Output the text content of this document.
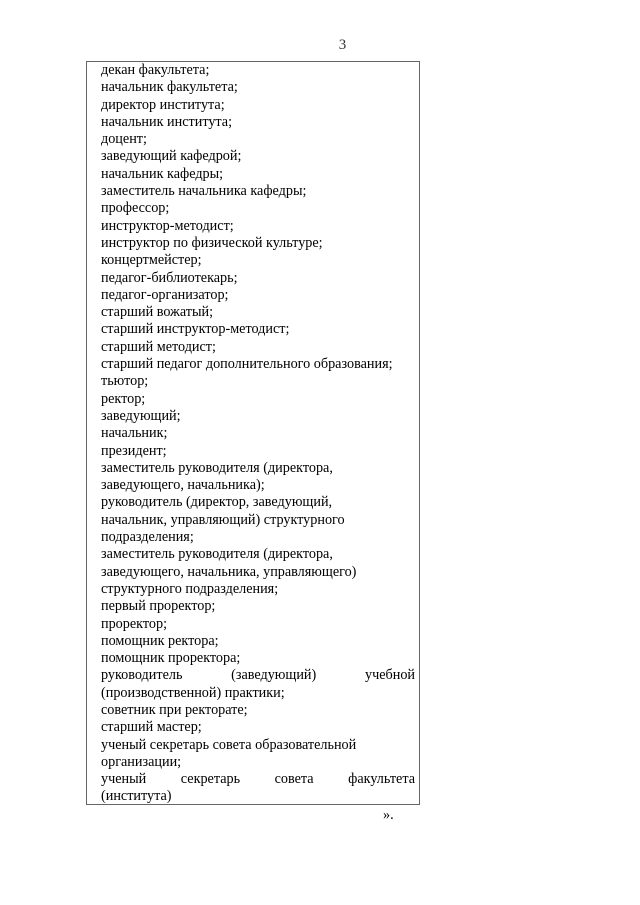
3
декан факультета;
начальник факультета;
директор института;
начальник института;
доцент;
заведующий кафедрой;
начальник кафедры;
заместитель начальника кафедры;
профессор;
инструктор-методист;
инструктор по физической культуре;
концертмейстер;
педагог-библиотекарь;
педагог-организатор;
старший вожатый;
старший инструктор-методист;
старший методист;
старший педагог дополнительного образования;
тьютор;
ректор;
заведующий;
начальник;
президент;
заместитель руководителя (директора,
заведующего, начальника);
руководитель (директор, заведующий,
начальник, управляющий) структурного
подразделения;
заместитель руководителя (директора,
заведующего, начальника, управляющего)
структурного подразделения;
первый проректор;
проректор;
помощник ректора;
помощник проректора;
руководитель (заведующий) учебной
(производственной) практики;
советник при ректорате;
старший мастер;
ученый секретарь совета образовательной
организации;
ученый секретарь совета факультета
(института)
».
